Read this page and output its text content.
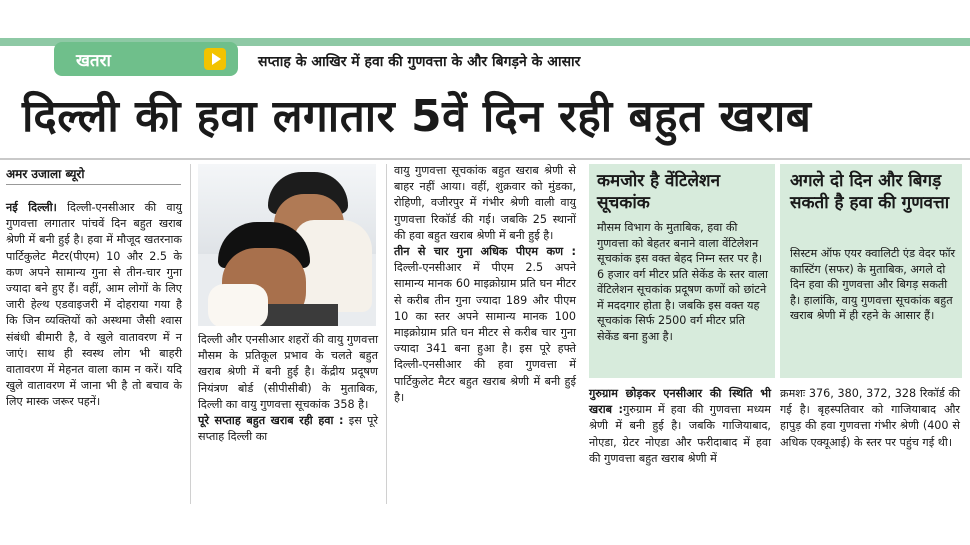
खतरा	सप्ताह के आखिर में हवा की गुणवत्ता के और बिगड़ने के आसार
दिल्ली की हवा लगातार 5वें दिन रही बहुत खराब
अमर उजाला ब्यूरो
नई दिल्ली। दिल्ली-एनसीआर की वायु गुणवत्ता लगातार पांचवें दिन बहुत खराब श्रेणी में बनी हुई है। हवा में मौजूद खतरनाक पार्टिकुलेट मैटर(पीएम) 10 और 2.5 के कण अपने सामान्य गुना से तीन-चार गुना ज्यादा बने हुए हैं। वहीं, आम लोगों के लिए जारी हेल्थ एडवाइजरी में दोहराया गया है कि जिन व्यक्तियों को अस्थमा जैसी श्वास संबंधी बीमारी है, वे खुले वातावरण में न जाएं। साथ ही स्वस्थ लोग भी बाहरी वातावरण में मेहनत वाला काम न करें। यदि खुले वातावरण में जाना भी है तो बचाव के लिए मास्क जरूर पहनें।
दिल्ली और एनसीआर शहरों की वायु गुणवत्ता मौसम के प्रतिकूल प्रभाव के चलते बहुत खराब श्रेणी में बनी हुई है। केंद्रीय प्रदूषण नियंत्रण बोर्ड (सीपीसीबी) के मुताबिक, दिल्ली का वायु गुणवत्ता सूचकांक 358 है।
पूरे सप्ताह बहुत खराब रही हवा : इस पूरे सप्ताह दिल्ली का
वायु गुणवत्ता सूचकांक बहुत खराब श्रेणी से बाहर नहीं आया। वहीं, शुक्रवार को मुंडका, रोहिणी, वजीरपुर में गंभीर श्रेणी वाली वायु गुणवत्ता रिकॉर्ड की गई। जबकि 25 स्थानों की हवा बहुत खराब श्रेणी में बनी हुई है।
तीन से चार गुना अधिक पीएम कण : दिल्ली-एनसीआर में पीएम 2.5 अपने सामान्य मानक 60 माइक्रोग्राम प्रति घन मीटर से करीब तीन गुना ज्यादा 189 और पीएम 10 का स्तर अपने सामान्य मानक 100 माइक्रोग्राम प्रति घन मीटर से करीब चार गुना ज्यादा 341 बना हुआ है। इस पूरे हफ्ते दिल्ली-एनसीआर की हवा गुणवत्ता में पार्टिकुलेट मैटर बहुत खराब श्रेणी में बनी हुई है।
कमजोर है वेंटिलेशन सूचकांक
मौसम विभाग के मुताबिक, हवा की गुणवत्ता को बेहतर बनाने वाला वेंटिलेशन सूचकांक इस वक्त बेहद निम्न स्तर पर है। 6 हजार वर्ग मीटर प्रति सेकेंड के स्तर वाला वेंटिलेशन सूचकांक प्रदूषण कणों को छांटने में मददगार होता है। जबकि इस वक्त यह सूचकांक सिर्फ 2500 वर्ग मीटर प्रति सेकेंड बना हुआ है।
अगले दो दिन और बिगड़ सकती है हवा की गुणवत्ता
सिस्टम ऑफ एयर क्वालिटी एंड वेदर फॉर कास्टिंग (सफर) के मुताबिक, अगले दो दिन हवा की गुणवत्ता और बिगड़ सकती है। हालांकि, वायु गुणवत्ता सूचकांक बहुत खराब श्रेणी में ही रहने के आसार हैं।
गुरुग्राम छोड़कर एनसीआर की स्थिति भी खराब :गुरुग्राम में हवा की गुणवत्ता मध्यम श्रेणी में बनी हुई है। जबकि गाजियाबाद, नोएडा, ग्रेटर नोएडा और फरीदाबाद में हवा की गुणवत्ता बहुत खराब श्रेणी में
क्रमशः 376, 380, 372, 328 रिकॉर्ड की गई है। बृहस्पतिवार को गाजियाबाद और हापुड़ की हवा गुणवत्ता गंभीर श्रेणी (400 से अधिक एक्यूआई) के स्तर पर पहुंच गई थी।
